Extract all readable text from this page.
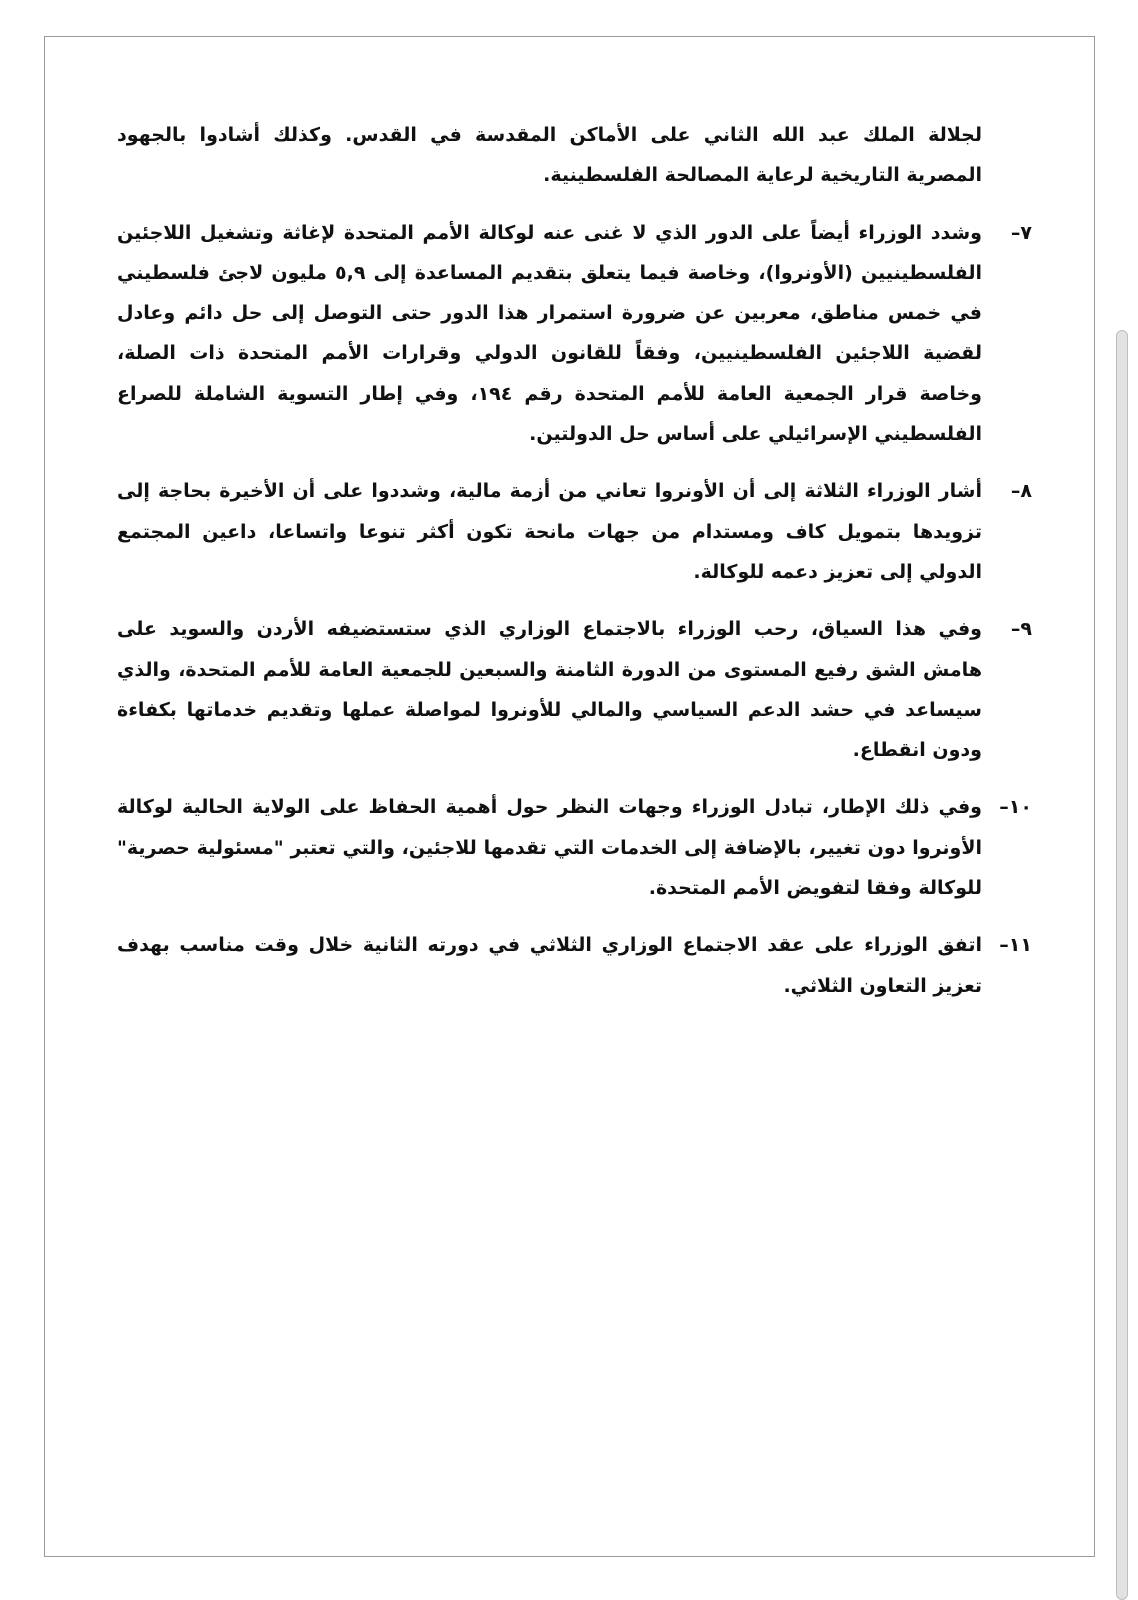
لجلالة الملك عبد الله الثاني على الأماكن المقدسة في القدس. وكذلك أشادوا بالجهود المصرية التاريخية لرعاية المصالحة الفلسطينية.

٧–
وشدد الوزراء أيضاً على الدور الذي لا غنى عنه لوكالة الأمم المتحدة لإغاثة وتشغيل اللاجئين الفلسطينيين (الأونروا)، وخاصة فيما يتعلق بتقديم المساعدة إلى ٥,٩ مليون لاجئ فلسطيني في خمس مناطق، معربين عن ضرورة استمرار هذا الدور حتى التوصل إلى حل دائم وعادل لقضية اللاجئين الفلسطينيين، وفقاً للقانون الدولي وقرارات الأمم المتحدة ذات الصلة، وخاصة قرار الجمعية العامة للأمم المتحدة رقم ١٩٤، وفي إطار التسوية الشاملة للصراع الفلسطيني الإسرائيلي على أساس حل الدولتين.

٨–
أشار الوزراء الثلاثة إلى أن الأونروا تعاني من أزمة مالية، وشددوا على أن الأخيرة بحاجة إلى تزويدها بتمويل كاف ومستدام من جهات مانحة تكون أكثر تنوعا واتساعا، داعين المجتمع الدولي إلى تعزيز دعمه للوكالة.

٩–
وفي هذا السياق، رحب الوزراء بالاجتماع الوزاري الذي ستستضيفه الأردن والسويد على هامش الشق رفيع المستوى من الدورة الثامنة والسبعين للجمعية العامة للأمم المتحدة، والذي سيساعد في حشد الدعم السياسي والمالي للأونروا لمواصلة عملها وتقديم خدماتها بكفاءة ودون انقطاع.

١٠–
وفي ذلك الإطار، تبادل الوزراء وجهات النظر حول أهمية الحفاظ على الولاية الحالية لوكالة الأونروا دون تغيير، بالإضافة إلى الخدمات التي تقدمها للاجئين، والتي تعتبر "مسئولية حصرية" للوكالة وفقا لتفويض الأمم المتحدة.

١١–
اتفق الوزراء على عقد الاجتماع الوزاري الثلاثي في دورته الثانية خلال وقت مناسب بهدف تعزيز التعاون الثلاثي.
